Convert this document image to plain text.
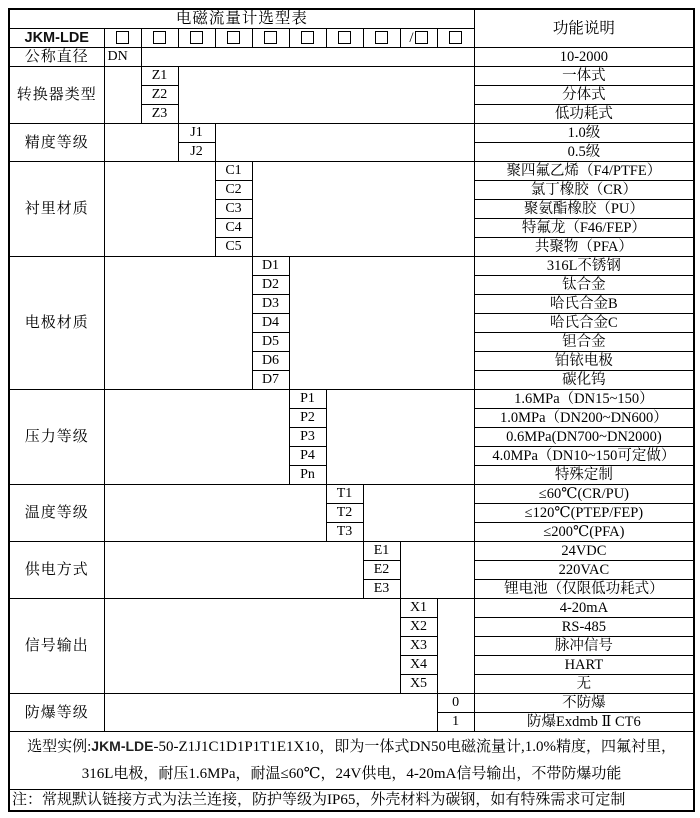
电磁流量计选型表											功能说明
JKM-LDE									/		
公称直径	DN										10-2000
转换器类型		Z1									一体式
		Z2									分体式
		Z3									低功耗式
精度等级			J1								1.0级
			J2								0.5级
衬里材质				C1							聚四氟乙烯（F4/PTFE）
				C2							氯丁橡胶（CR）
				C3							聚氨酯橡胶（PU）
				C4							特氟龙（F46/FEP）
				C5							共聚物（PFA）
电极材质					D1						316L不锈钢
					D2						钛合金
					D3						哈氏合金B
					D4						哈氏合金C
					D5						钽合金
					D6						铂铱电极
					D7						碳化钨
压力等级						P1					1.6MPa（DN15~150）
						P2					1.0MPa（DN200~DN600）
						P3					0.6MPa(DN700~DN2000)
						P4					4.0MPa（DN10~150可定做）
						Pn					特殊定制
温度等级							T1				≤60℃(CR/PU)
							T2				≤120℃(PTEP/FEP)
							T3				≤200℃(PFA)
供电方式								E1			24VDC
								E2			220VAC
								E3			锂电池（仅限低功耗式）
信号输出									X1		4-20mA
									X2		RS-485
									X3		脉冲信号
									X4		HART
									X5		无
防爆等级										0	不防爆
										1	防爆Exdmb Ⅱ CT6
选型实例:JKM-LDE-50-Z1J1C1D1P1T1E1X10，即为一体式DN50电磁流量计,1.0%精度，四氟衬里，316L电极，耐压1.6MPa，耐温≤60℃，24V供电，4-20mA信号输出，不带防爆功能											
注：常规默认链接方式为法兰连接，防护等级为IP65，外壳材料为碳钢，如有特殊需求可定制											
